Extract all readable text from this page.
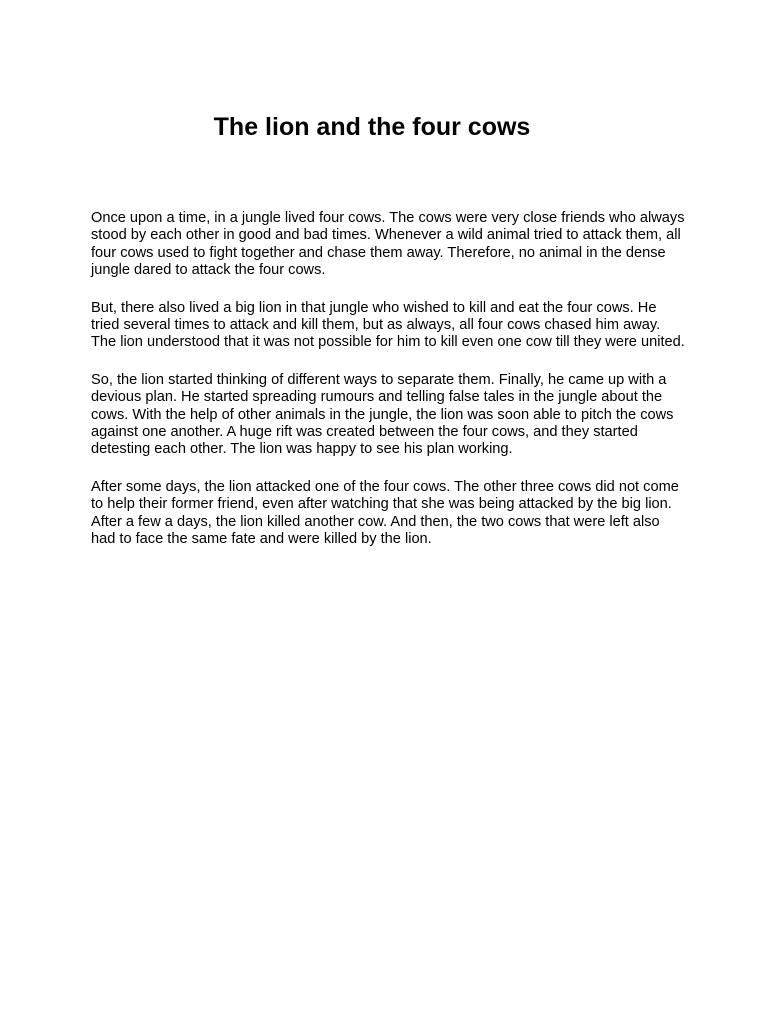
The lion and the four cows

Once upon a time, in a jungle lived four cows. The cows were very close friends who always stood by each other in good and bad times. Whenever a wild animal tried to attack them, all four cows used to fight together and chase them away. Therefore, no animal in the dense jungle dared to attack the four cows.

But, there also lived a big lion in that jungle who wished to kill and eat the four cows. He tried several times to attack and kill them, but as always, all four cows chased him away. The lion understood that it was not possible for him to kill even one cow till they were united.

So, the lion started thinking of different ways to separate them. Finally, he came up with a devious plan. He started spreading rumours and telling false tales in the jungle about the cows. With the help of other animals in the jungle, the lion was soon able to pitch the cows against one another. A huge rift was created between the four cows, and they started detesting each other. The lion was happy to see his plan working.

After some days, the lion attacked one of the four cows. The other three cows did not come to help their former friend, even after watching that she was being attacked by the big lion. After a few a days, the lion killed another cow. And then, the two cows that were left also had to face the same fate and were killed by the lion.
